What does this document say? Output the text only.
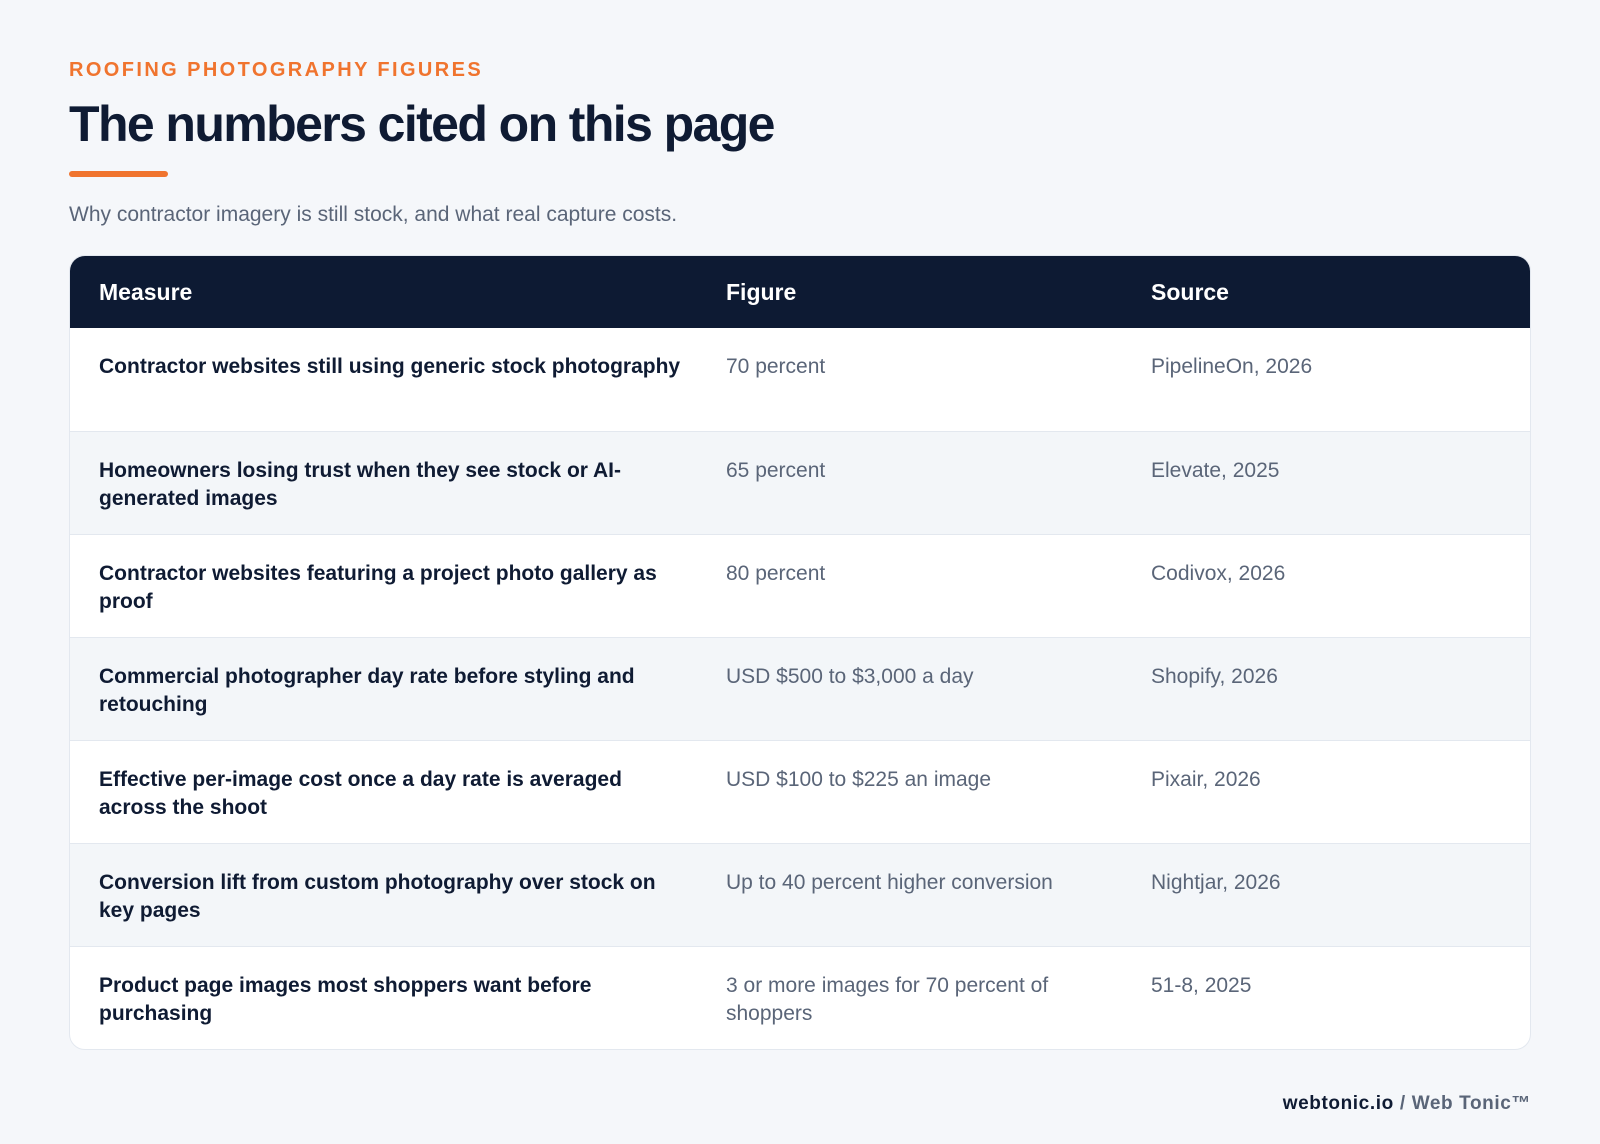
ROOFING PHOTOGRAPHY FIGURES
The numbers cited on this page

Why contractor imagery is still stock, and what real capture costs.

Measure	Figure	Source
Contractor websites still using generic stock photography	70 percent	PipelineOn, 2026
Homeowners losing trust when they see stock or AI-generated images	65 percent	Elevate, 2025
Contractor websites featuring a project photo gallery as proof	80 percent	Codivox, 2026
Commercial photographer day rate before styling and retouching	USD $500 to $3,000 a day	Shopify, 2026
Effective per-image cost once a day rate is averaged across the shoot	USD $100 to $225 an image	Pixair, 2026
Conversion lift from custom photography over stock on key pages	Up to 40 percent higher conversion	Nightjar, 2026
Product page images most shoppers want before purchasing	3 or more images for 70 percent of shoppers	51-8, 2025
webtonic.io / Web Tonic™
